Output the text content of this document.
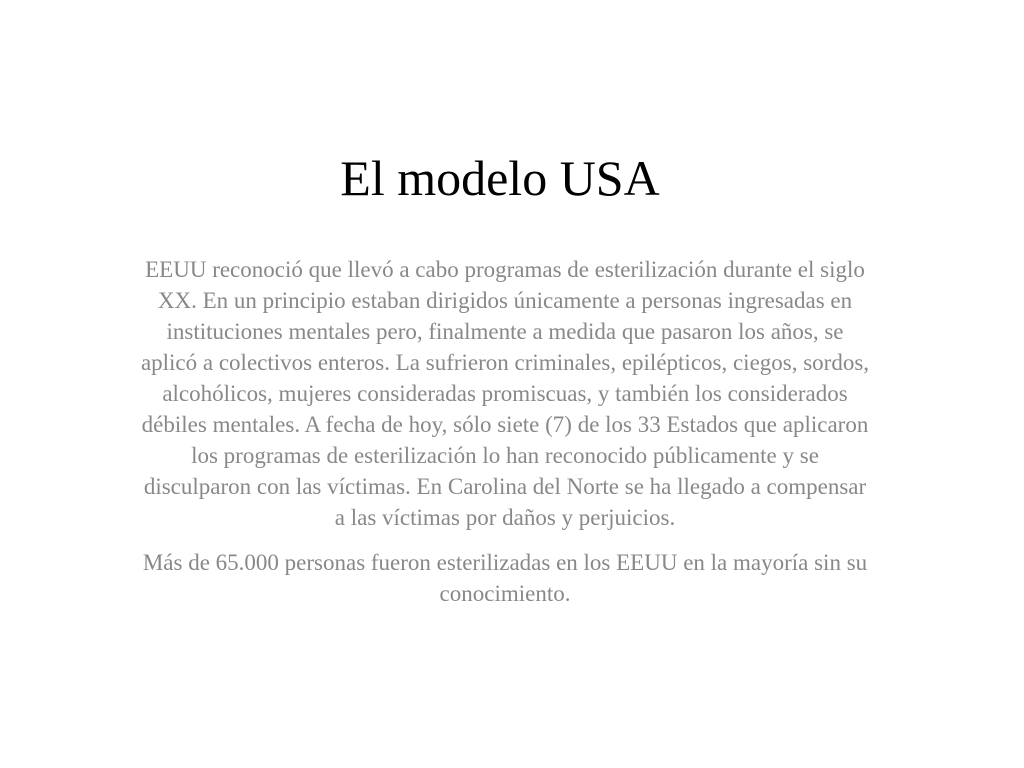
El modelo USA

EEUU reconoció que llevó a cabo programas de esterilización durante el siglo XX. En un principio estaban dirigidos únicamente a personas ingresadas en instituciones mentales pero, finalmente a medida que pasaron los años, se aplicó a colectivos enteros. La sufrieron criminales, epilépticos, ciegos, sordos, alcohólicos, mujeres consideradas promiscuas, y también los considerados débiles mentales. A fecha de hoy, sólo siete (7) de los 33 Estados que aplicaron los programas de esterilización lo han reconocido públicamente y se disculparon con las víctimas. En Carolina del Norte se ha llegado a compensar a las víctimas por daños y perjuicios.

Más de 65.000 personas fueron esterilizadas en los EEUU en la mayoría sin su conocimiento.
